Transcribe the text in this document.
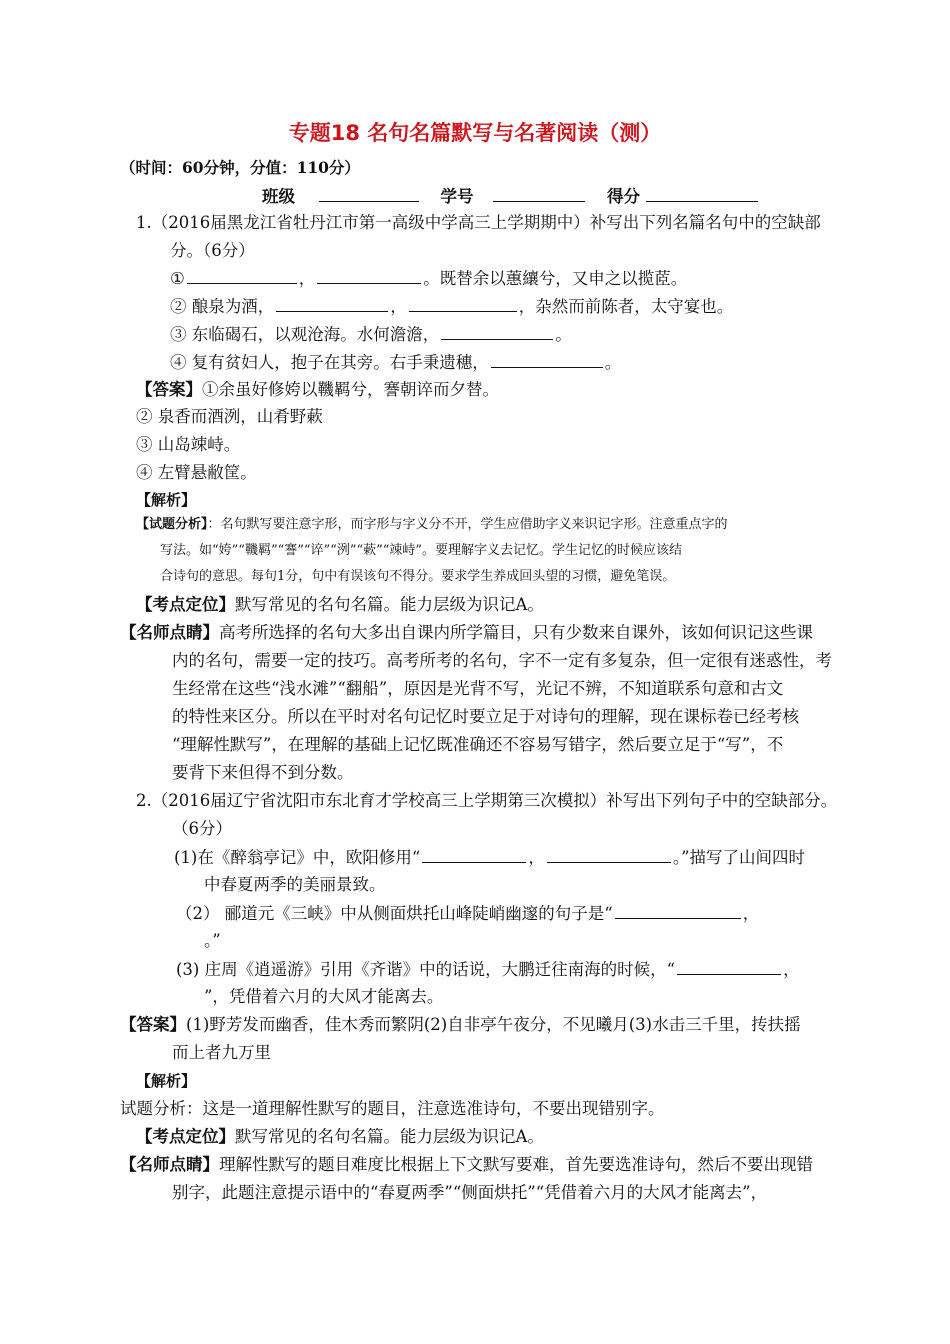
专题18 名句名篇默写与名著阅读（测）
（时间：60分钟，分值：110分）
班级	学号	得分
1.（2016届黑龙江省牡丹江市第一高级中学高三上学期期中）补写出下列名篇名句中的空缺部
分。（6分）
①	，	。既替余以蕙纕兮，又申之以揽茝。
② 酿泉为酒，	，	，杂然而前陈者，太守宴也。
③ 东临碣石，以观沧海。水何澹澹，	。
④ 复有贫妇人，抱子在其旁。右手秉遗穗，	。
【答案】①余虽好修姱以鞿羁兮，謇朝谇而夕替。
② 泉香而酒洌，山肴野蔌
③ 山岛竦峙。
④ 左臂悬敝筐。
【解析】
【试题分析】：名句默写要注意字形，而字形与字义分不开，学生应借助字义来识记字形。注意重点字的
写法。如“姱”“鞿羁”“謇”“谇”“洌”“蔌”“竦峙”。要理解字义去记忆。学生记忆的时候应该结
合诗句的意思。每句1分，句中有误该句不得分。要求学生养成回头望的习惯，避免笔误。
【考点定位】默写常见的名句名篇。能力层级为识记A。
【名师点睛】高考所选择的名句大多出自课内所学篇目，只有少数来自课外，该如何识记这些课
内的名句，需要一定的技巧。高考所考的名句，字不一定有多复杂，但一定很有迷惑性，考
生经常在这些“浅水滩”“翻船”，原因是光背不写，光记不辨，不知道联系句意和古文
的特性来区分。所以在平时对名句记忆时要立足于对诗句的理解，现在课标卷已经考核
“理解性默写”，在理解的基础上记忆既准确还不容易写错字，然后要立足于“写”，不
要背下来但得不到分数。
2.（2016届辽宁省沈阳市东北育才学校高三上学期第三次模拟）补写出下列句子中的空缺部分。
（6分）
(1)在《醉翁亭记》中，欧阳修用“	，	。”描写了山间四时
中春夏两季的美丽景致。
（2） 郦道元《三峡》中从侧面烘托山峰陡峭幽邃的句子是“	，
。”
(3) 庄周《逍遥游》引用《齐谐》中的话说，大鹏迁往南海的时候，“	，
”，凭借着六月的大风才能离去。
【答案】(1)野芳发而幽香，佳木秀而繁阴(2)自非亭午夜分，不见曦月(3)水击三千里，抟扶摇
而上者九万里
【解析】
试题分析：这是一道理解性默写的题目，注意选准诗句，不要出现错别字。
【考点定位】默写常见的名句名篇。能力层级为识记A。
【名师点睛】理解性默写的题目难度比根据上下文默写要难，首先要选准诗句，然后不要出现错
别字，此题注意提示语中的“春夏两季”“侧面烘托”“凭借着六月的大风才能离去”，
